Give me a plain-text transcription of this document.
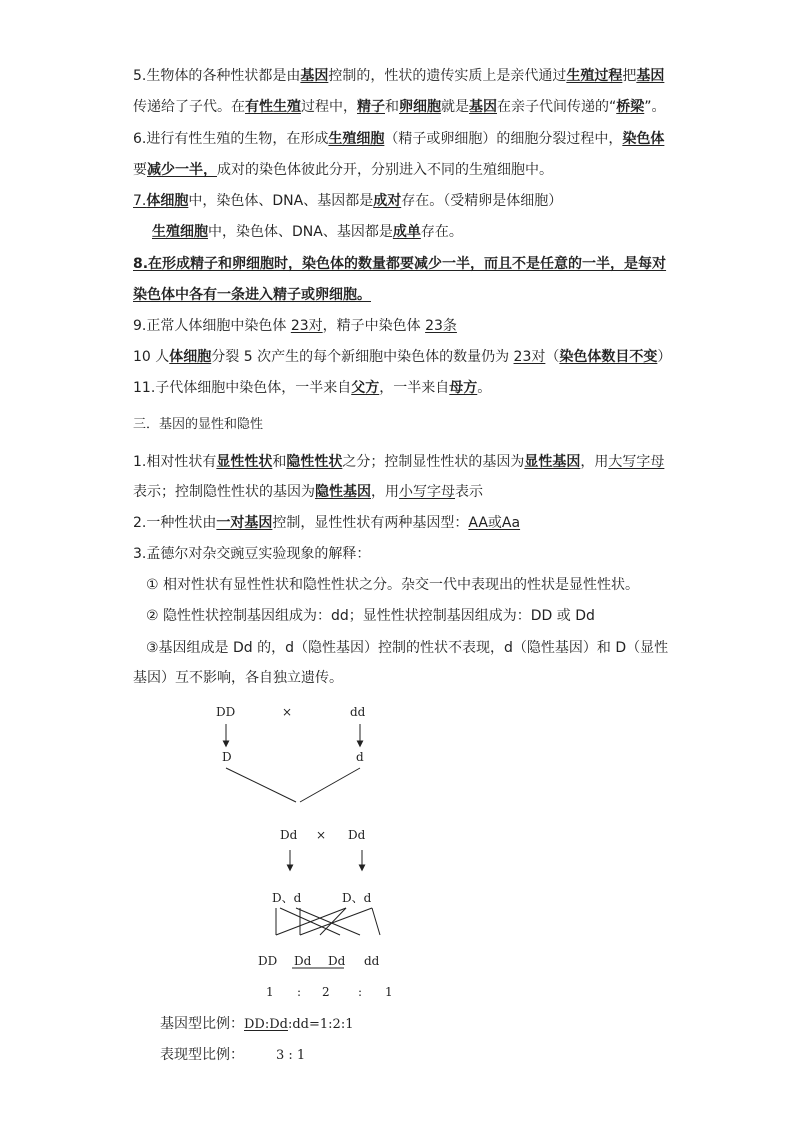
5.生物体的各种性状都是由基因控制的，性状的遗传实质上是亲代通过生殖过程把基因
传递给了子代。在有性生殖过程中，精子和卵细胞就是基因在亲子代间传递的“桥梁”。
6.进行有性生殖的生物，在形成生殖细胞（精子或卵细胞）的细胞分裂过程中，染色体
要减少一半，成对的染色体彼此分开，分别进入不同的生殖细胞中。
7.体细胞中，染色体、DNA、基因都是成对存在。（受精卵是体细胞）
生殖细胞中，染色体、DNA、基因都是成单存在。
8.在形成精子和卵细胞时，染色体的数量都要减少一半，而且不是任意的一半，是每对
染色体中各有一条进入精子或卵细胞。
9.正常人体细胞中染色体 23对，精子中染色体 23条
10 人体细胞分裂 5 次产生的每个新细胞中染色体的数量仍为 23对（染色体数目不变）
11.子代体细胞中染色体，一半来自父方，一半来自母方。
三．基因的显性和隐性
1.相对性状有显性性状和隐性性状之分；控制显性性状的基因为显性基因，用大写字母
表示；控制隐性性状的基因为隐性基因，用小写字母表示
2.一种性状由一对基因控制，显性性状有两种基因型：AA或Aa
3.孟德尔对杂交豌豆实验现象的解释：
① 相对性状有显性性状和隐性性状之分。杂交一代中表现出的性状是显性性状。
② 隐性性状控制基因组成为：dd；显性性状控制基因组成为：DD 或 Dd
③基因组成是 Dd 的，d（隐性基因）控制的性状不表现，d（隐性基因）和 D（显性
基因）互不影响，各自独立遗传。
DD	×	dd
D	d
Dd × Dd
D、d	D、d
DD Dd Dd dd
1 : 2 : 1
基因型比例：DD:Dd:dd=1:2:1
表现型比例： 3 : 1
